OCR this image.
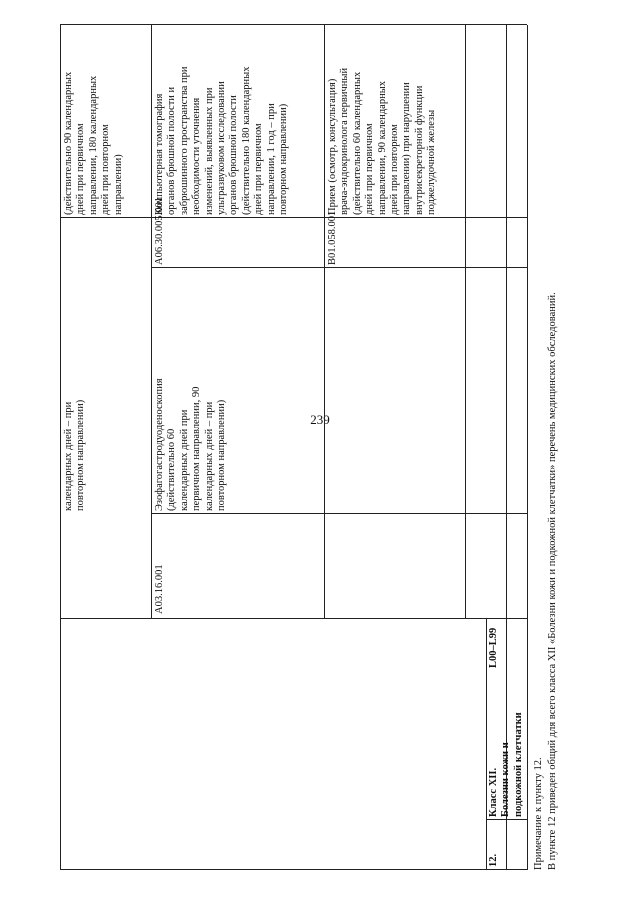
239
календарных дней – при
повторном направлении)
(действительно 90 календарных
дней при первичном
направлении, 180 календарных
дней при повторном
направлении)
A03.16.001
Эзофагогастродуоденоскопия
(действительно 60
календарных дней при
первичном направлении, 90
календарных дней – при
повторном направлении)
A06.30.005.001
Компьютерная томография
органов брюшной полости и
забрюшинного пространства при
необходимости уточнения
изменений, выявленных при
ультразвуковом исследовании
органов брюшной полости
(действительно 180 календарных
дней при первичном
направлении, 1 год – при
повторном направлении)
B01.058.001
Прием (осмотр, консультация)
врача-эндокринолога первичный
(действительно 60 календарных
дней при первичном
направлении, 90 календарных
дней при повторном
направлении) при нарушении
внутрисекреторной функции
поджелудочной железы
12.
Класс XII.
Болезни кожи и
подкожной клетчатки
L00–L99
Примечание к пункту 12. В пункте 12 приведен общий для всего класса XII «Болезни кожи и подкожной клетчатки» перечень медицинских обследований.
